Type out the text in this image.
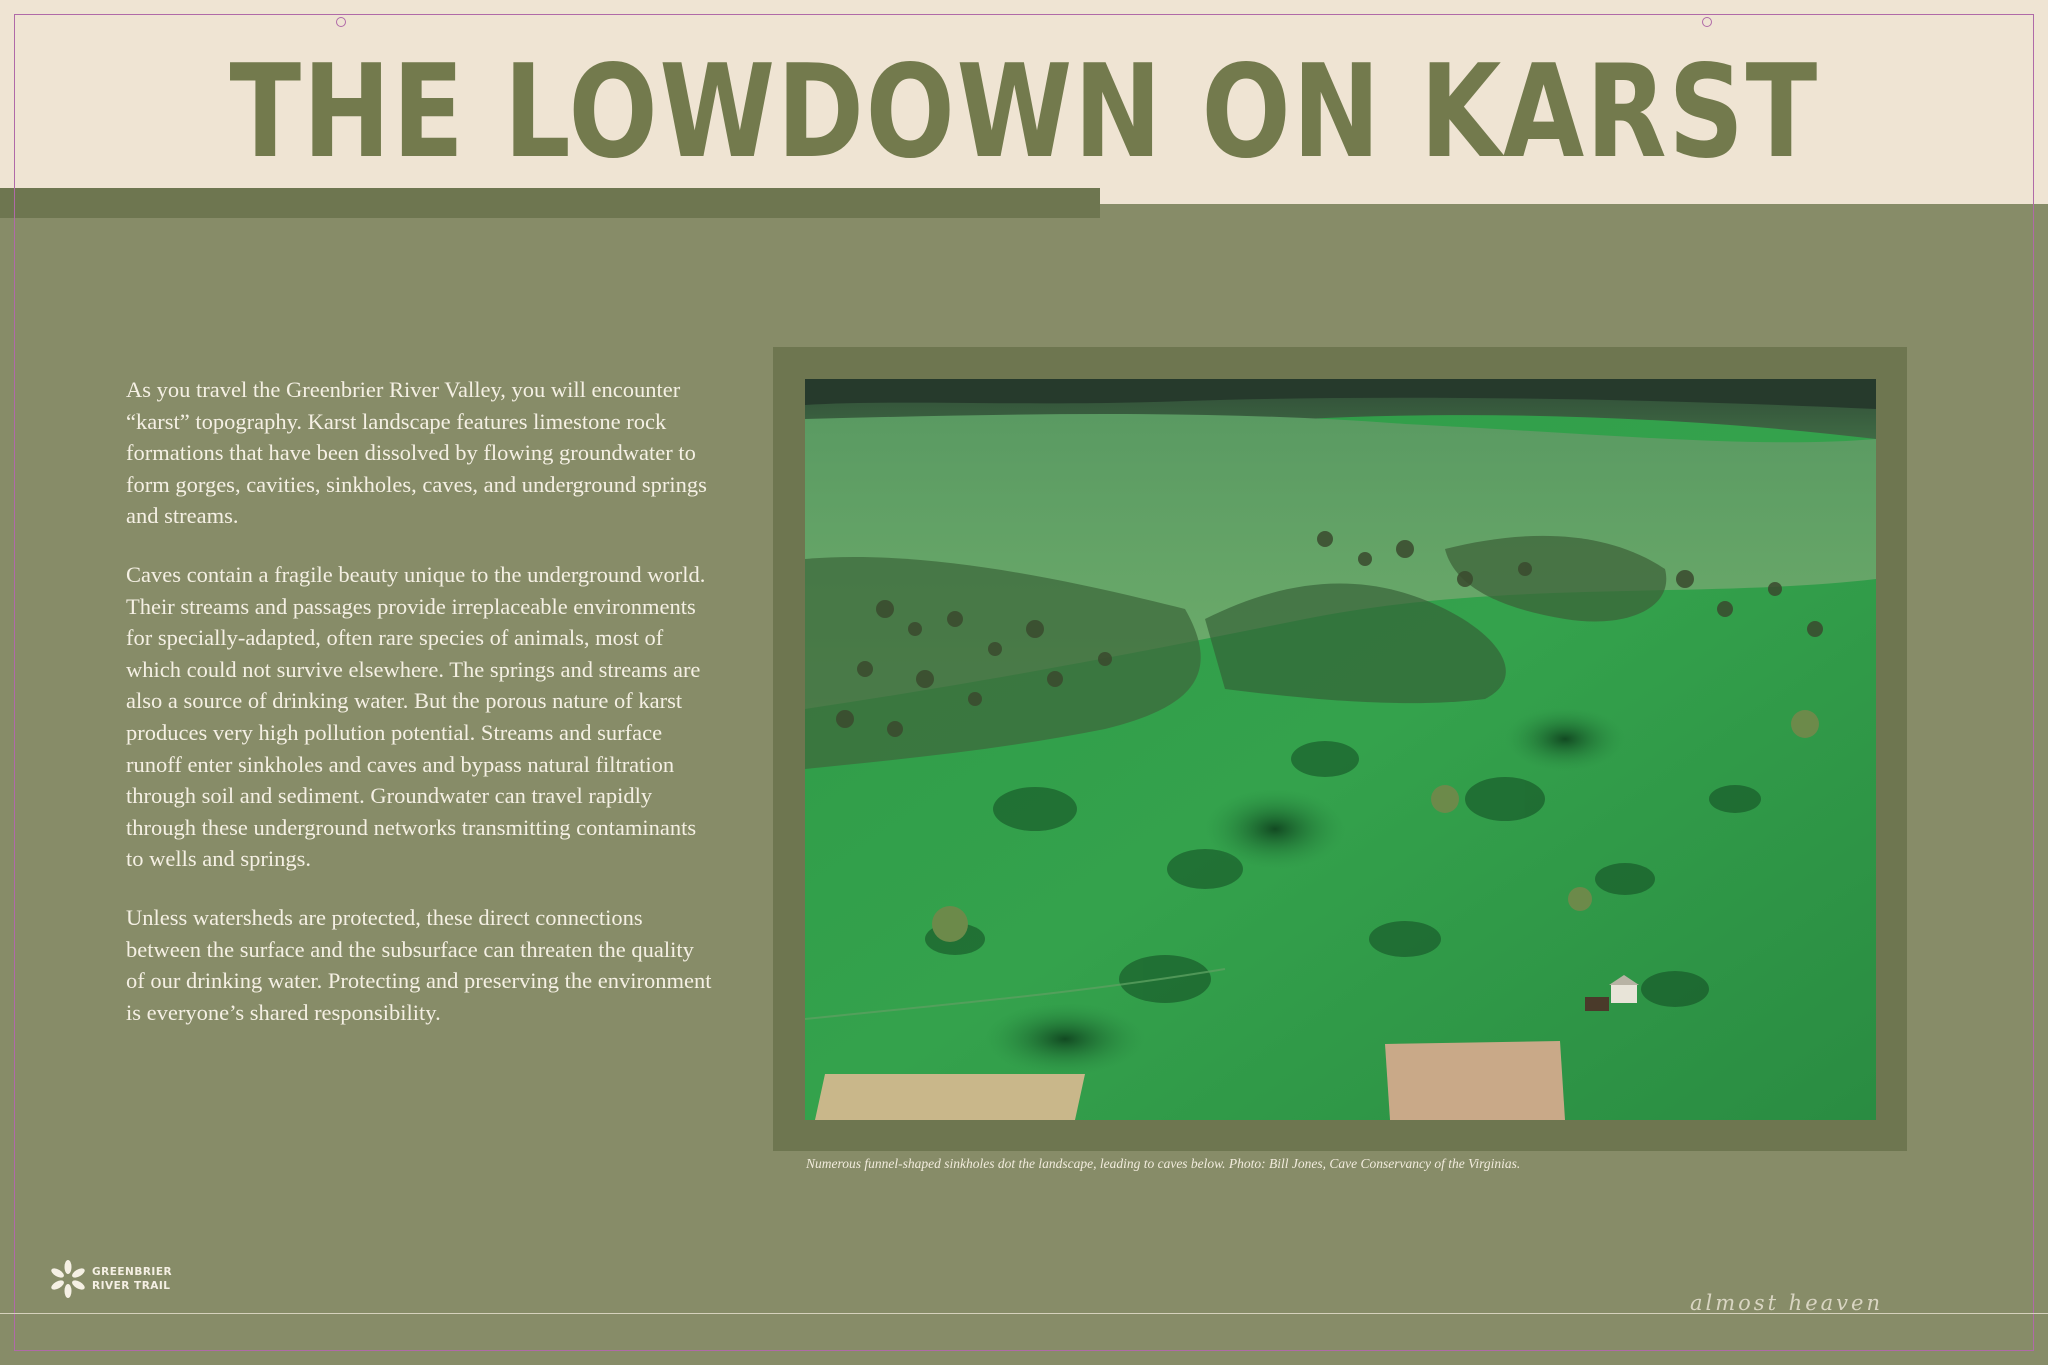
THE LOWDOWN ON KARST

As you travel the Greenbrier River Valley, you will encounter “karst” topography. Karst landscape features limestone rock formations that have been dissolved by flowing groundwater to form gorges, cavities, sinkholes, caves, and underground springs and streams.

Caves contain a fragile beauty unique to the underground world. Their streams and passages provide irreplaceable environments for specially-adapted, often rare species of animals, most of which could not survive elsewhere. The springs and streams are also a source of drinking water. But the porous nature of karst produces very high pollution potential. Streams and surface runoff enter sinkholes and caves and bypass natural filtration through soil and sediment. Groundwater can travel rapidly through these underground networks transmitting contaminants to wells and springs.

Unless watersheds are protected, these direct connections between the surface and the subsurface can threaten the quality of our drinking water. Protecting and preserving the environment is everyone’s shared responsibility.

Numerous funnel-shaped sinkholes dot the landscape, leading to caves below. Photo: Bill Jones, Cave Conservancy of the Virginias.
GREENBRIER
RIVER TRAIL
almost heaven
